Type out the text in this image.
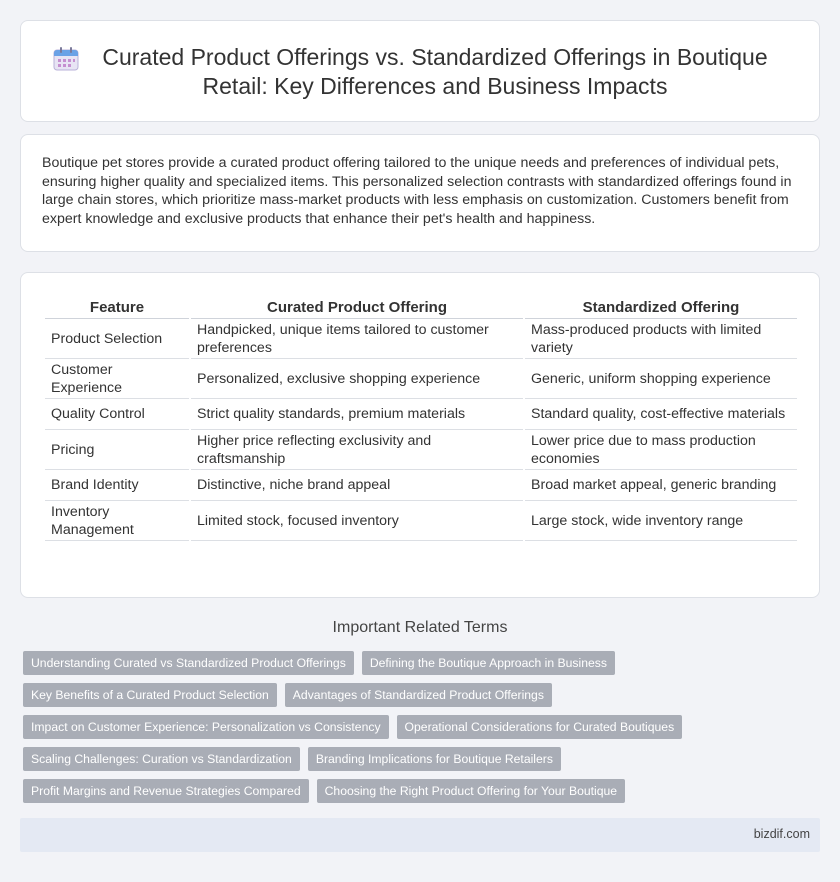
Curated Product Offerings vs. Standardized Offerings in Boutique Retail: Key Differences and Business Impacts

Boutique pet stores provide a curated product offering tailored to the unique needs and preferences of individual pets, ensuring higher quality and specialized items. This personalized selection contrasts with standardized offerings found in large chain stores, which prioritize mass-market products with less emphasis on customization. Customers benefit from expert knowledge and exclusive products that enhance their pet's health and happiness.

Feature	Curated Product Offering	Standardized Offering
Product Selection	Handpicked, unique items tailored to customer preferences	Mass-produced products with limited variety
Customer Experience	Personalized, exclusive shopping experience	Generic, uniform shopping experience
Quality Control	Strict quality standards, premium materials	Standard quality, cost-effective materials
Pricing	Higher price reflecting exclusivity and craftsmanship	Lower price due to mass production economies
Brand Identity	Distinctive, niche brand appeal	Broad market appeal, generic branding
Inventory Management	Limited stock, focused inventory	Large stock, wide inventory range
Important Related Terms
Understanding Curated vs Standardized Product Offerings	Defining the Boutique Approach in Business
Key Benefits of a Curated Product Selection	Advantages of Standardized Product Offerings
Impact on Customer Experience: Personalization vs Consistency	Operational Considerations for Curated Boutiques
Scaling Challenges: Curation vs Standardization	Branding Implications for Boutique Retailers
Profit Margins and Revenue Strategies Compared	Choosing the Right Product Offering for Your Boutique
bizdif.com
